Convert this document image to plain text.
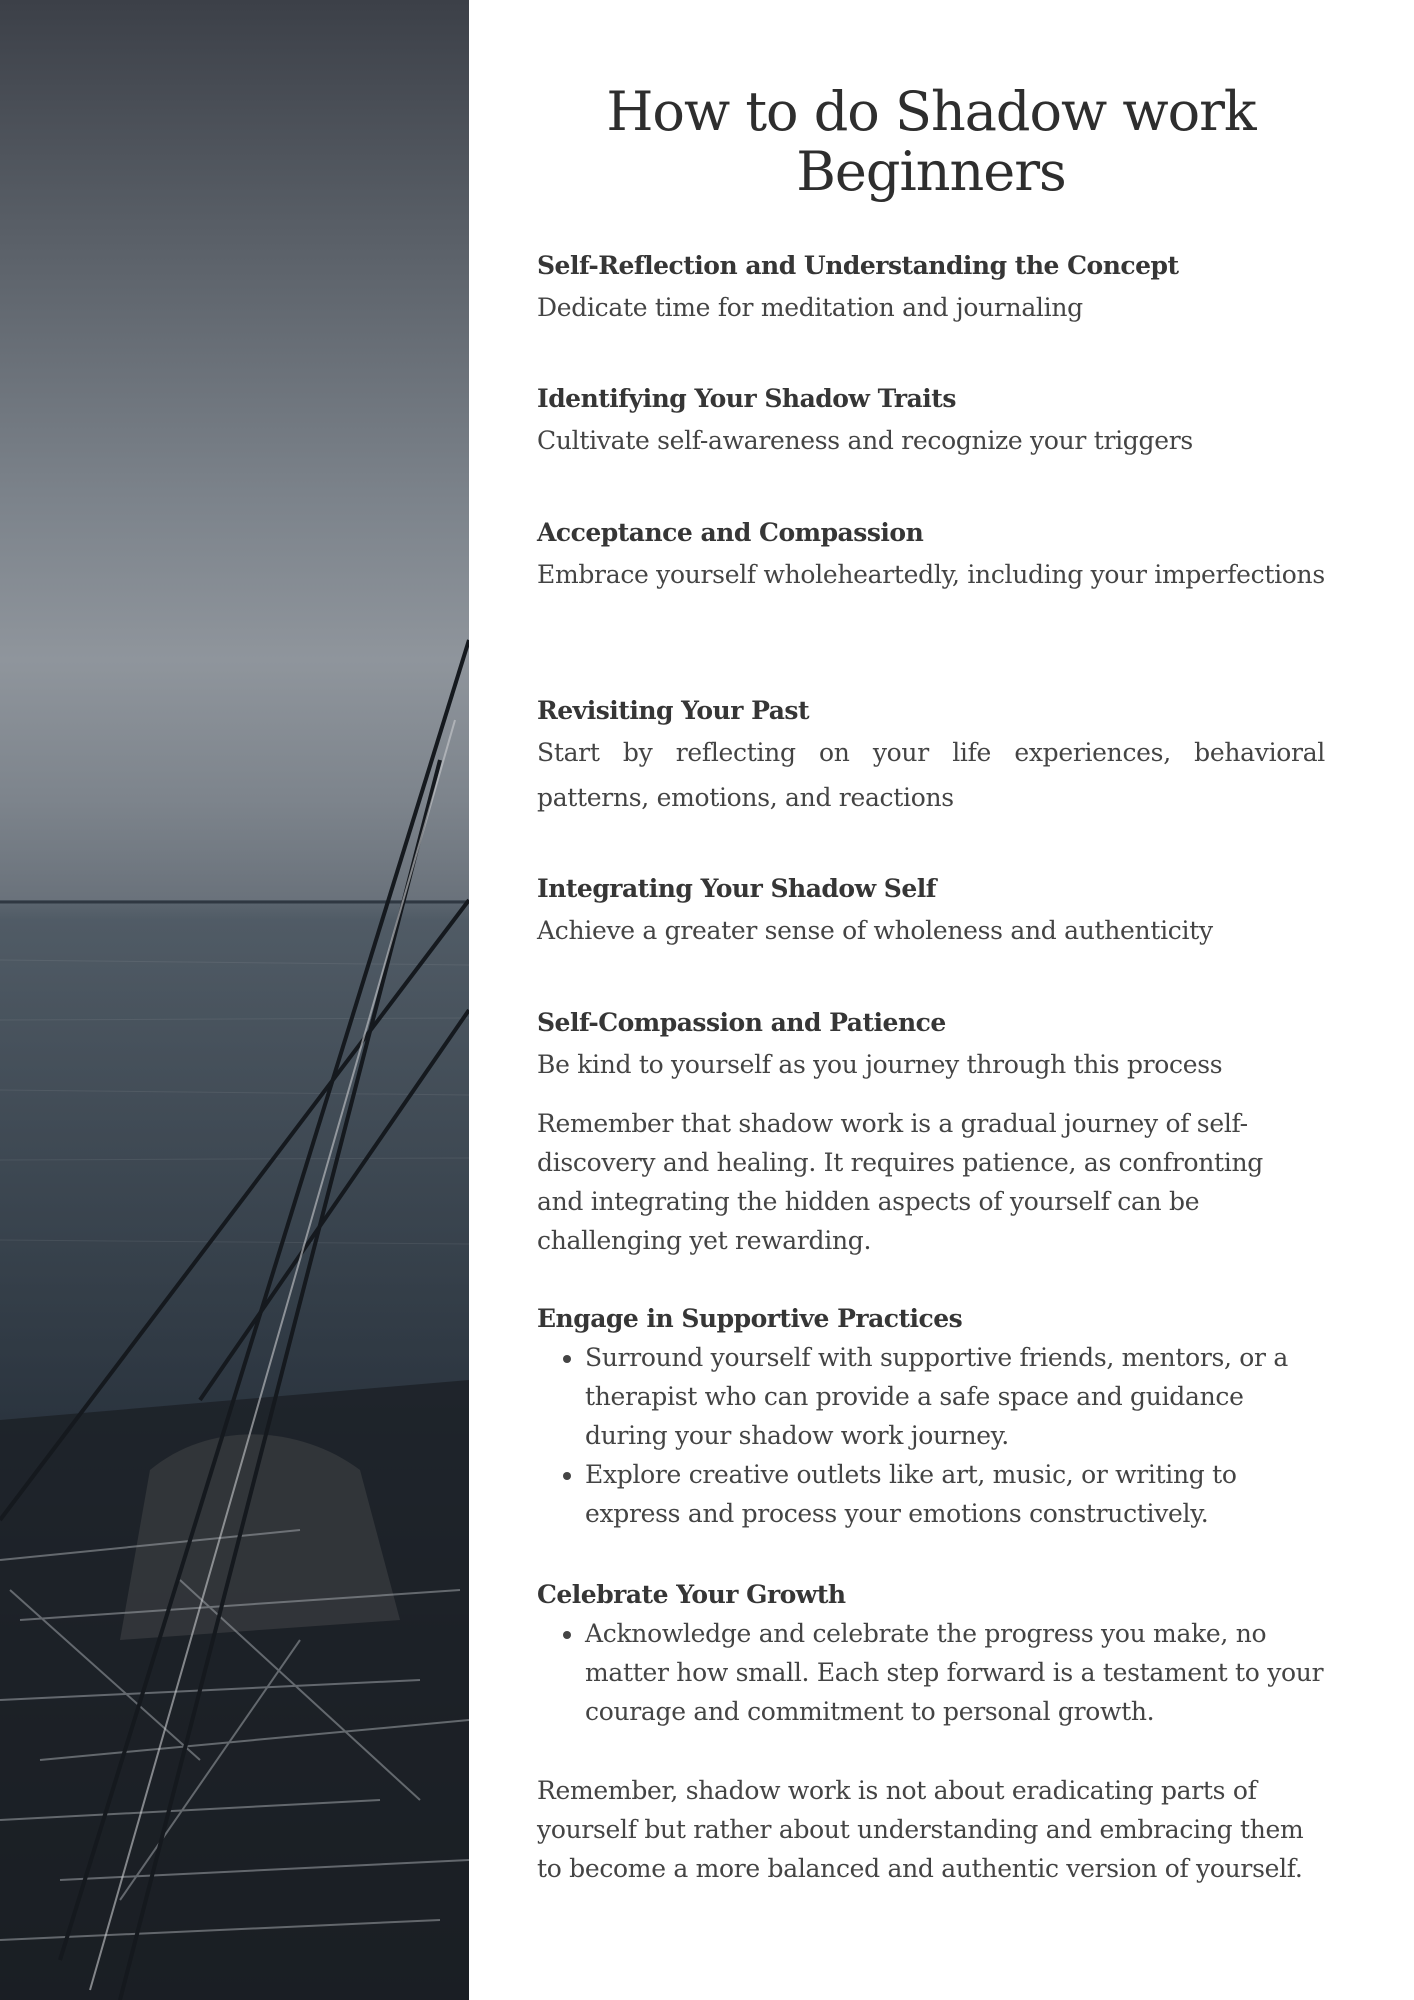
How to do Shadow work
Beginners
Self-Reflection and Understanding the Concept
Dedicate time for meditation and journaling
Identifying Your Shadow Traits
Cultivate self-awareness and recognize your triggers
Acceptance and Compassion
Embrace yourself wholeheartedly, including your imperfections
Revisiting Your Past
Start by reflecting on your life experiences, behavioral patterns, emotions, and reactions
Integrating Your Shadow Self
Achieve a greater sense of wholeness and authenticity
Self-Compassion and Patience
Be kind to yourself as you journey through this process
Remember that shadow work is a gradual journey of self-discovery and healing. It requires patience, as confronting and integrating the hidden aspects of yourself can be challenging yet rewarding.
Engage in Supportive Practices
• Surround yourself with supportive friends, mentors, or a therapist who can provide a safe space and guidance during your shadow work journey.
• Explore creative outlets like art, music, or writing to express and process your emotions constructively.
Celebrate Your Growth
• Acknowledge and celebrate the progress you make, no matter how small. Each step forward is a testament to your courage and commitment to personal growth.
Remember, shadow work is not about eradicating parts of yourself but rather about understanding and embracing them to become a more balanced and authentic version of yourself.
